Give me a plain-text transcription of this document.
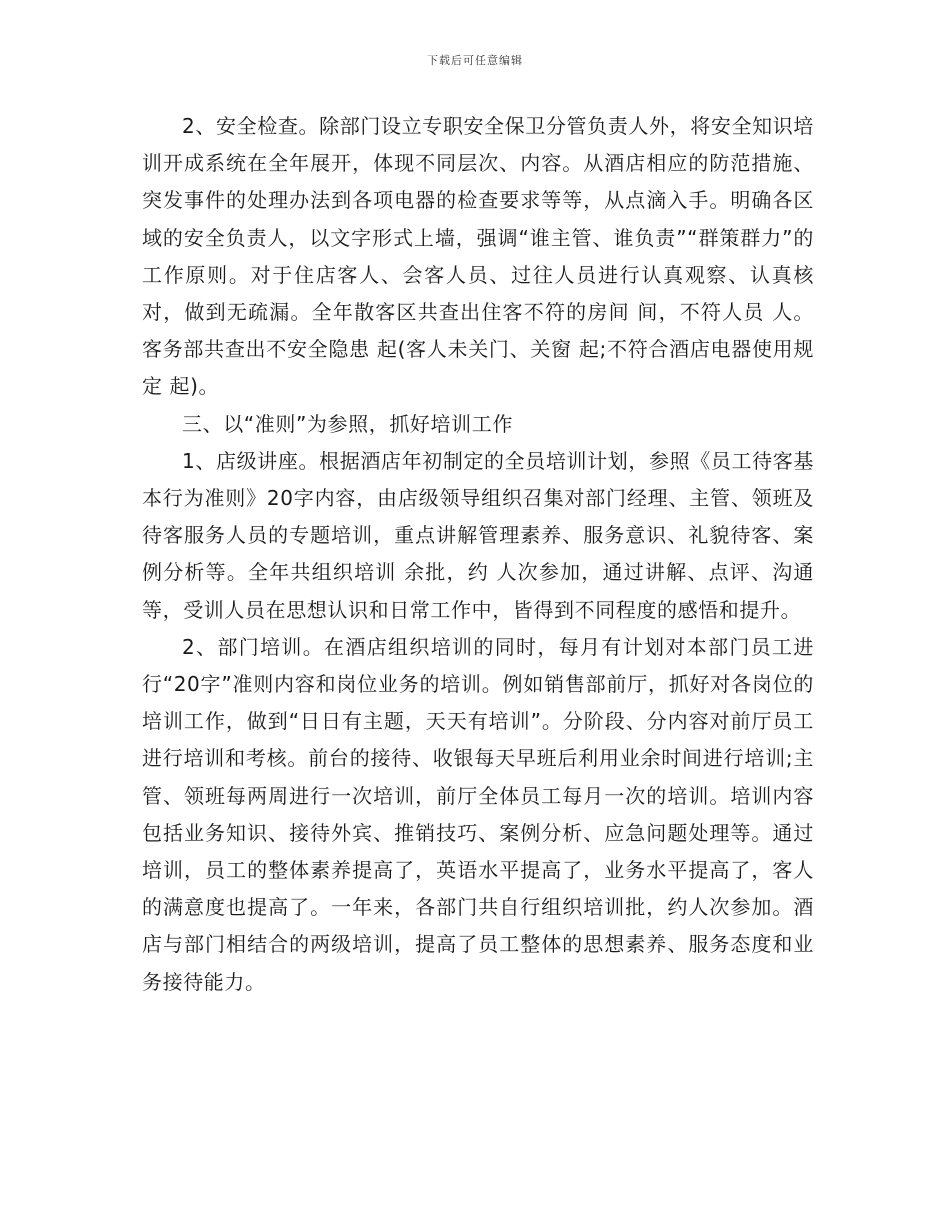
下载后可任意编辑

2、安全检查。除部门设立专职安全保卫分管负责人外，将安全知识培训开成系统在全年展开，体现不同层次、内容。从酒店相应的防范措施、突发事件的处理办法到各项电器的检查要求等等，从点滴入手。明确各区域的安全负责人，以文字形式上墙，强调“谁主管、谁负责”“群策群力”的工作原则。对于住店客人、会客人员、过往人员进行认真观察、认真核对，做到无疏漏。全年散客区共查出住客不符的房间 间，不符人员 人。客务部共查出不安全隐患 起(客人未关门、关窗 起;不符合酒店电器使用规定 起)。

三、以“准则”为参照，抓好培训工作

1、店级讲座。根据酒店年初制定的全员培训计划，参照《员工待客基本行为准则》20字内容，由店级领导组织召集对部门经理、主管、领班及待客服务人员的专题培训，重点讲解管理素养、服务意识、礼貌待客、案例分析等。全年共组织培训 余批，约 人次参加，通过讲解、点评、沟通等，受训人员在思想认识和日常工作中，皆得到不同程度的感悟和提升。

2、部门培训。在酒店组织培训的同时，每月有计划对本部门员工进行“20字”准则内容和岗位业务的培训。例如销售部前厅，抓好对各岗位的培训工作，做到“日日有主题，天天有培训”。分阶段、分内容对前厅员工进行培训和考核。前台的接待、收银每天早班后利用业余时间进行培训;主管、领班每两周进行一次培训，前厅全体员工每月一次的培训。培训内容包括业务知识、接待外宾、推销技巧、案例分析、应急问题处理等。通过培训，员工的整体素养提高了，英语水平提高了，业务水平提高了，客人的满意度也提高了。一年来，各部门共自行组织培训批，约人次参加。酒店与部门相结合的两级培训，提高了员工整体的思想素养、服务态度和业务接待能力。
